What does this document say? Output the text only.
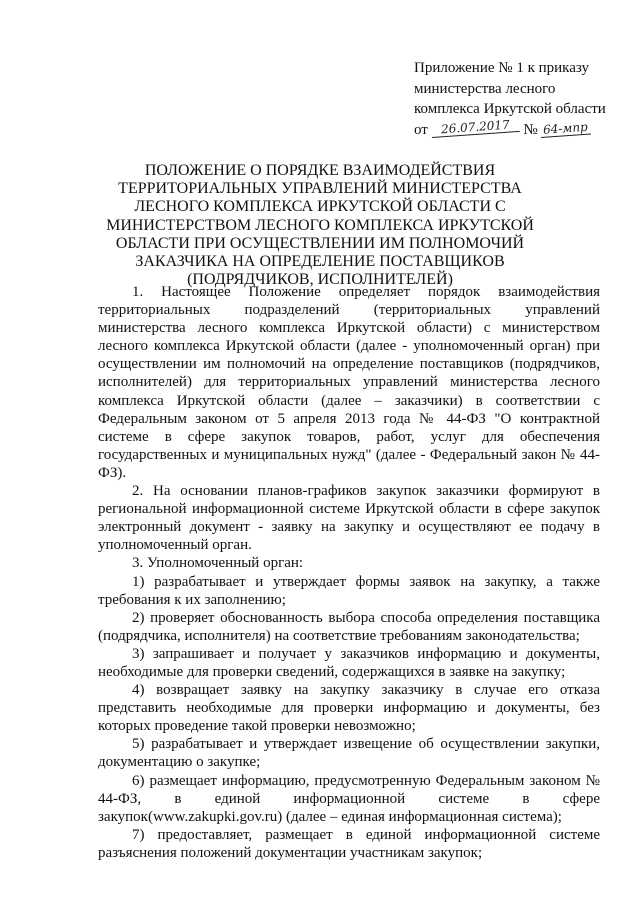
Приложение № 1 к приказу
министерства лесного
комплекса Иркутской области
от 26.07.2017 № 64-мпр
ПОЛОЖЕНИЕ О ПОРЯДКЕ ВЗАИМОДЕЙСТВИЯ ТЕРРИТОРИАЛЬНЫХ УПРАВЛЕНИЙ МИНИСТЕРСТВА ЛЕСНОГО КОМПЛЕКСА ИРКУТСКОЙ ОБЛАСТИ С МИНИСТЕРСТВОМ ЛЕСНОГО КОМПЛЕКСА ИРКУТСКОЙ ОБЛАСТИ ПРИ ОСУЩЕСТВЛЕНИИ ИМ ПОЛНОМОЧИЙ ЗАКАЗЧИКА НА ОПРЕДЕЛЕНИЕ ПОСТАВЩИКОВ (ПОДРЯДЧИКОВ, ИСПОЛНИТЕЛЕЙ)

1. Настоящее Положение определяет порядок взаимодействия территориальных подразделений (территориальных управлений министерства лесного комплекса Иркутской области) с министерством лесного комплекса Иркутской области (далее - уполномоченный орган) при осуществлении им полномочий на определение поставщиков (подрядчиков, исполнителей) для территориальных управлений министерства лесного комплекса Иркутской области (далее – заказчики) в соответствии с Федеральным законом от 5 апреля 2013 года № 44-ФЗ "О контрактной системе в сфере закупок товаров, работ, услуг для обеспечения государственных и муниципальных нужд" (далее - Федеральный закон № 44-ФЗ).

2. На основании планов-графиков закупок заказчики формируют в региональной информационной системе Иркутской области в сфере закупок электронный документ - заявку на закупку и осуществляют ее подачу в уполномоченный орган.

3. Уполномоченный орган:

1) разрабатывает и утверждает формы заявок на закупку, а также требования к их заполнению;

2) проверяет обоснованность выбора способа определения поставщика (подрядчика, исполнителя) на соответствие требованиям законодательства;

3) запрашивает и получает у заказчиков информацию и документы, необходимые для проверки сведений, содержащихся в заявке на закупку;

4) возвращает заявку на закупку заказчику в случае его отказа представить необходимые для проверки информацию и документы, без которых проведение такой проверки невозможно;

5) разрабатывает и утверждает извещение об осуществлении закупки, документацию о закупке;

6) размещает информацию, предусмотренную Федеральным законом № 44-ФЗ, в единой информационной системе в сфере закупок(www.zakupki.gov.ru) (далее – единая информационная система);

7) предоставляет, размещает в единой информационной системе разъяснения положений документации участникам закупок;
